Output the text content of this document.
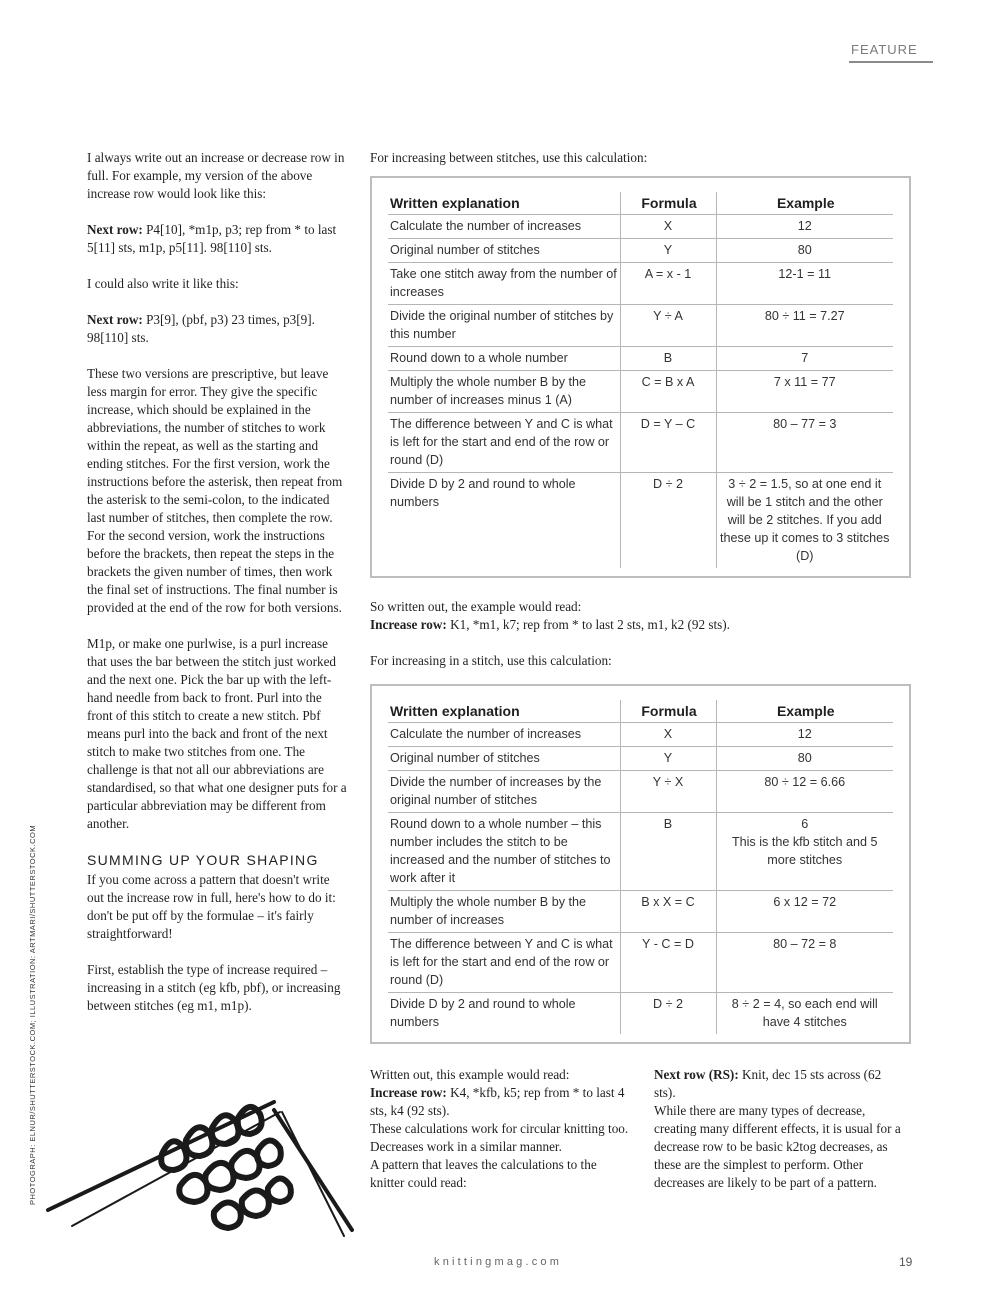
FEATURE

I always write out an increase or decrease row in full. For example, my version of the above increase row would look like this:

Next row: P4[10], *m1p, p3; rep from * to last 5[11] sts, m1p, p5[11]. 98[110] sts.

I could also write it like this:

Next row: P3[9], (pbf, p3) 23 times, p3[9]. 98[110] sts.

These two versions are prescriptive, but leave less margin for error. They give the specific increase, which should be explained in the abbreviations, the number of stitches to work within the repeat, as well as the starting and ending stitches. For the first version, work the instructions before the asterisk, then repeat from the asterisk to the semi-colon, to the indicated last number of stitches, then complete the row. For the second version, work the instructions before the brackets, then repeat the steps in the brackets the given number of times, then work the final set of instructions. The final number is provided at the end of the row for both versions.

M1p, or make one purlwise, is a purl increase that uses the bar between the stitch just worked and the next one. Pick the bar up with the left-hand needle from back to front. Purl into the front of this stitch to create a new stitch. Pbf means purl into the back and front of the next stitch to make two stitches from one. The challenge is that not all our abbreviations are standardised, so that what one designer puts for a particular abbreviation may be different from another.

SUMMING UP YOUR SHAPING

If you come across a pattern that doesn't write out the increase row in full, here's how to do it: don't be put off by the formulae – it's fairly straightforward!

First, establish the type of increase required – increasing in a stitch (eg kfb, pbf), or increasing between stitches (eg m1, m1p).

For increasing between stitches, use this calculation:
Written explanation	Formula	Example
Calculate the number of increases	X	12
Original number of stitches	Y	80
Take one stitch away from the number of increases	A = x - 1	12-1 = 11
Divide the original number of stitches by this number	Y ÷ A	80 ÷ 11 = 7.27
Round down to a whole number	B	7
Multiply the whole number B by the number of increases minus 1 (A)	C = B x A	7 x 11 = 77
The difference between Y and C is what is left for the start and end of the row or round (D)	D = Y – C	80 – 77 = 3
Divide D by 2 and round to whole numbers	D ÷ 2	3 ÷ 2 = 1.5, so at one end it will be 1 stitch and the other will be 2 stitches. If you add these up it comes to 3 stitches (D)
So written out, the example would read:
Increase row: K1, *m1, k7; rep from * to last 2 sts, m1, k2 (92 sts).
For increasing in a stitch, use this calculation:
Written explanation	Formula	Example
Calculate the number of increases	X	12
Original number of stitches	Y	80
Divide the number of increases by the original number of stitches	Y ÷ X	80 ÷ 12 = 6.66
Round down to a whole number – this number includes the stitch to be increased and the number of stitches to work after it	B	6
This is the kfb stitch and 5 more stitches
Multiply the whole number B by the number of increases	B x X = C	6 x 12 = 72
The difference between Y and C is what is left for the start and end of the row or round (D)	Y - C = D	80 – 72 = 8
Divide D by 2 and round to whole numbers	D ÷ 2	8 ÷ 2 = 4, so each end will have 4 stitches
Written out, this example would read:
Increase row: K4, *kfb, k5; rep from * to last 4 sts, k4 (92 sts).
These calculations work for circular knitting too.
Decreases work in a similar manner.
A pattern that leaves the calculations to the knitter could read:
Next row (RS): Knit, dec 15 sts across (62 sts).
While there are many types of decrease, creating many different effects, it is usual for a decrease row to be basic k2tog decreases, as these are the simplest to perform. Other decreases are likely to be part of a pattern.
PHOTOGRAPH: ELNUR/SHUTTERSTOCK.COM; ILLUSTRATION: ARTMARI/SHUTTERSTOCK.COM
knittingmag.com	19
